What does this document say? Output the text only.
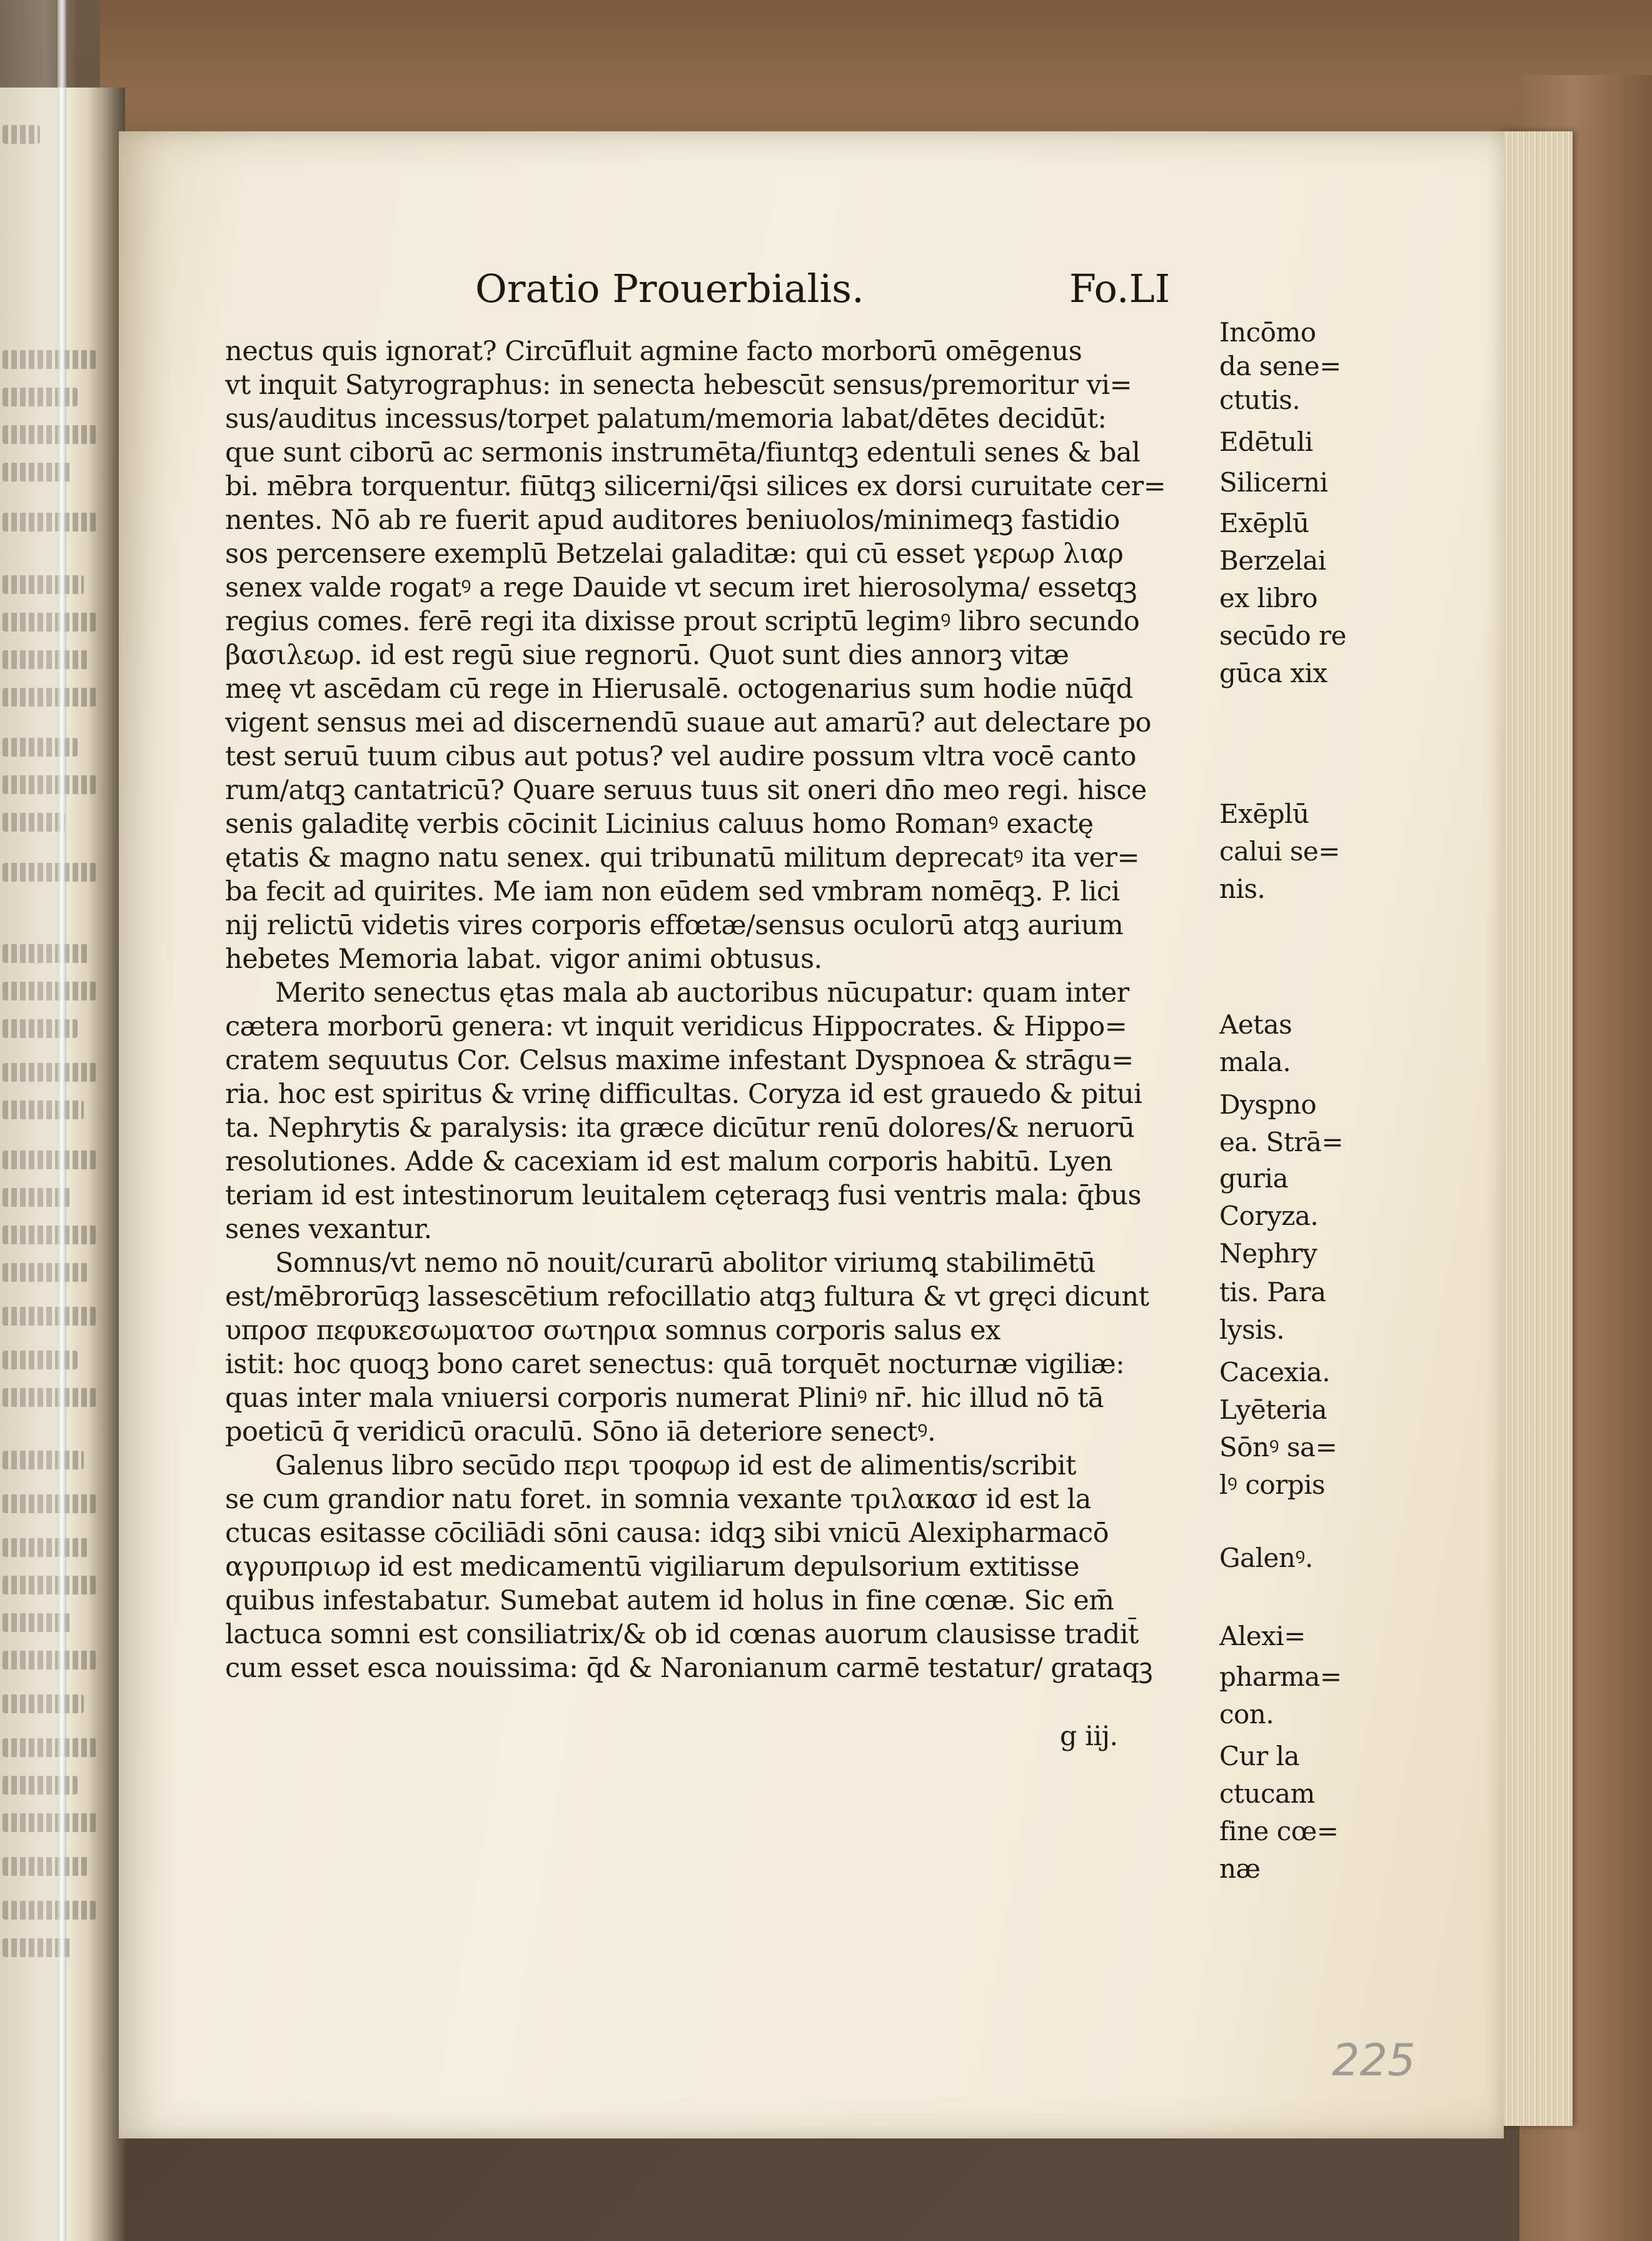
Oratio Prouerbialis.	Fo.LI
nectus quis ignorat? Circūfluit agmine facto morborū omēgenus
vt inquit Satyrographus: in senecta hebescūt sensus/premoritur vi=
sus/auditus incessus/torpet palatum/memoria labat/dētes decidūt:
que sunt ciborū ac sermonis instrumēta/fiuntqꝫ edentuli senes & bal
bi. mēbra torquentur. fiūtqꝫ silicerni/q̄si silices ex dorsi curuitate cer=
nentes. Nō ab re fuerit apud auditores beniuolos/minimeqꝫ fastidio
sos percensere exemplū Betzelai galaditæ: qui cū esset γερωρ λιαρ
senex valde rogatꝰ a rege Dauide vt secum iret hierosolyma/ essetqꝫ
regius comes. ferē regi ita dixisse prout scriptū legimꝰ libro secundo
βασιλεωρ. id est regū siue regnorū. Quot sunt dies annorꝫ vitæ
meę vt ascēdam cū rege in Hierusalē. octogenarius sum hodie nūq̄d
vigent sensus mei ad discernendū suaue aut amarū? aut delectare po
test seruū tuum cibus aut potus? vel audire possum vltra vocē canto
rum/atqꝫ cantatricū? Quare seruus tuus sit oneri dn̄o meo regi. hisce
senis galaditę verbis cōcinit Licinius caluus homo Romanꝰ exactę
ętatis & magno natu senex. qui tribunatū militum deprecatꝰ ita ver=
ba fecit ad quirites. Me iam non eūdem sed vmbram nomēqꝫ. P. lici
nij relictū videtis vires corporis effœtæ/sensus oculorū atqꝫ aurium
hebetes Memoria labat. vigor animi obtusus.
Merito senectus ętas mala ab auctoribus nūcupatur: quam inter
cætera morborū genera: vt inquit veridicus Hippocrates. & Hippo=
cratem sequutus Cor. Celsus maxime infestant Dyspnoea & strāgu=
ria. hoc est spiritus & vrinę difficultas. Coryza id est grauedo & pitui
ta. Nephrytis & paralysis: ita græce dicūtur renū dolores/& neruorū
resolutiones. Adde & cacexiam id est malum corporis habitū. Lyen
teriam id est intestinorum leuitalem cęteraqꝫ fusi ventris mala: q̄bus
senes vexantur.
Somnus/vt nemo nō nouit/curarū abolitor viriumꝗ stabilimētū
est/mēbrorūqꝫ lassescētium refocillatio atqꝫ fultura & vt gręci dicunt
υπροσ πεφυκεσωματοσ σωτηρια somnus corporis salus ex
istit: hoc quoqꝫ bono caret senectus: quā torquēt nocturnæ vigiliæ:
quas inter mala vniuersi corporis numerat Pliniꝰ nr̄. hic illud nō tā
poeticū q̄ veridicū oraculū. Sōno iā deteriore senectꝰ.
Galenus libro secūdo περι τροφωρ id est de alimentis/scribit
se cum grandior natu foret. in somnia vexante τριλακασ id est la
ctucas esitasse cōciliādi sōni causa: idqꝫ sibi vnicū Alexipharmacō
αγρυπριωρ id est medicamentū vigiliarum depulsorium extitisse
quibus infestabatur. Sumebat autem id holus in fine cœnæ. Sic em̄
lactuca somni est consiliatrix/& ob id cœnas auorum clausisse tradit̄
cum esset esca nouissima: q̄d & Naronianum carmē testatur/ grataqꝫ
g iij.
Incōmo
da sene=
ctutis.
Edētuli
Silicerni
Exēplū
Berzelai
ex libro
secūdo re
gūca xix
Exēplū
calui se=
nis.
Aetas
mala.
Dyspno
ea. Strā=
guria
Coryza.
Nephry
tis. Para
lysis.
Cacexia.
Lyēteria
Sōnꝰ sa=
lꝰ corpis
Galenꝰ.
Alexi=
pharma=
con.
Cur la
ctucam
fine cœ=
næ
225
